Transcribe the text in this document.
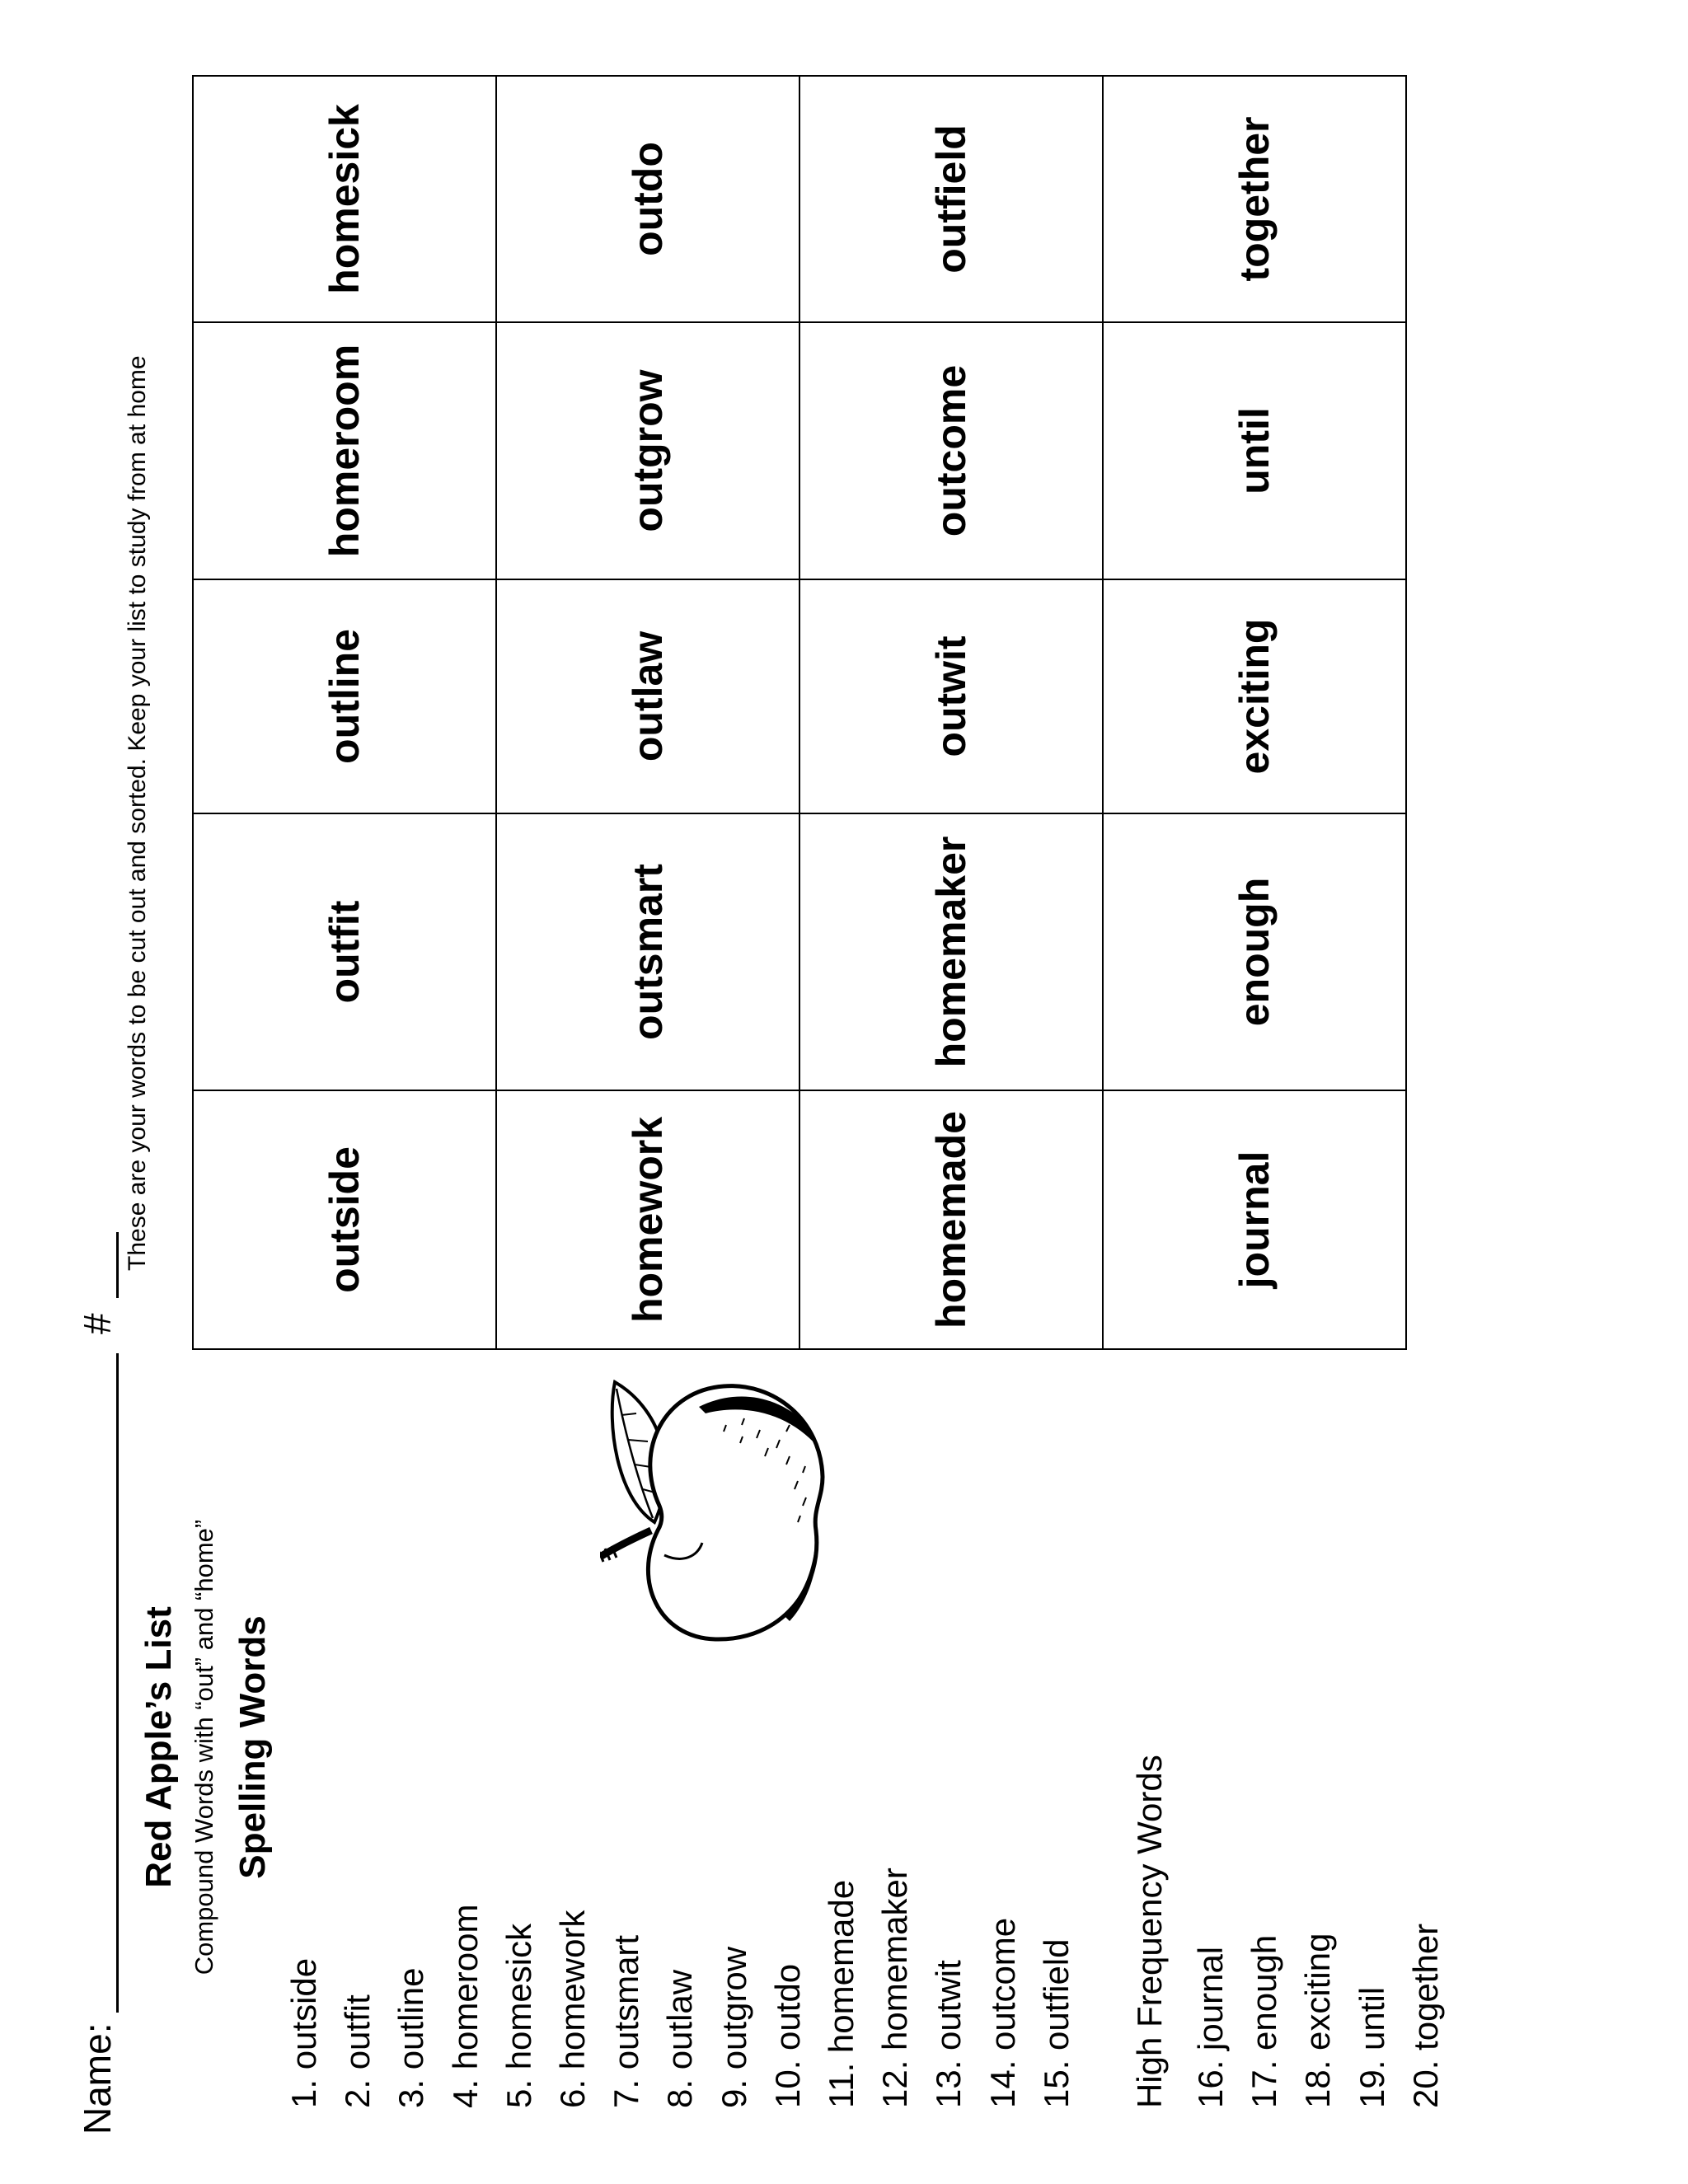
Name:   #
Red Apple’s List Compound Words with “out” and “home” Spelling Words
1. outside 2. outfit 3. outline 4. homeroom 5. homesick 6. homework 7. outsmart 8. outlaw 9. outgrow 10. outdo 11. homemade 12. homemaker 13. outwit 14. outcome 15. outfield High Frequency Words 16. journal 17. enough 18. exciting 19. until 20. together
These are your words to be cut out and sorted. Keep your list to study from at home	outside	outfit	outline	homeroom	homesick
homework	outsmart	outlaw	outgrow	outdo
homemade	homemaker	outwit	outcome	outfield
journal	enough	exciting	until	together
